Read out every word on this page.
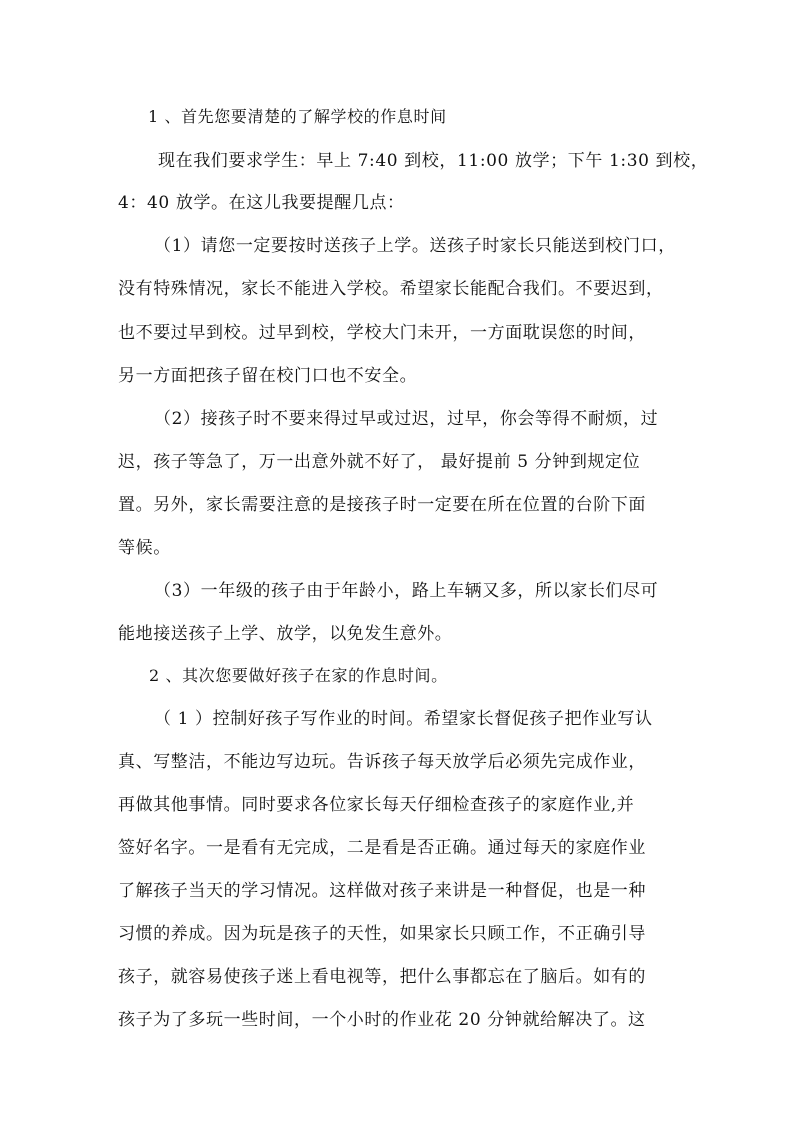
1 、首先您要清楚的了解学校的作息时间

现在我们要求学生：早上 7:40 到校，11:00 放学；下午 1:30 到校，

4：40 放学。在这儿我要提醒几点：

（1）请您一定要按时送孩子上学。送孩子时家长只能送到校门口，

没有特殊情况，家长不能进入学校。希望家长能配合我们。不要迟到，

也不要过早到校。过早到校，学校大门未开，一方面耽误您的时间，

另一方面把孩子留在校门口也不安全。

（2）接孩子时不要来得过早或过迟，过早，你会等得不耐烦，过

迟，孩子等急了，万一出意外就不好了， 最好提前 5 分钟到规定位

置。另外，家长需要注意的是接孩子时一定要在所在位置的台阶下面

等候。

（3）一年级的孩子由于年龄小，路上车辆又多，所以家长们尽可

能地接送孩子上学、放学，以免发生意外。

2 、其次您要做好孩子在家的作息时间。

（ 1 ）控制好孩子写作业的时间。希望家长督促孩子把作业写认

真、写整洁，不能边写边玩。告诉孩子每天放学后必须先完成作业，

再做其他事情。同时要求各位家长每天仔细检查孩子的家庭作业,并

签好名字。一是看有无完成，二是看是否正确。通过每天的家庭作业

了解孩子当天的学习情况。这样做对孩子来讲是一种督促，也是一种

习惯的养成。因为玩是孩子的天性，如果家长只顾工作，不正确引导

孩子，就容易使孩子迷上看电视等，把什么事都忘在了脑后。如有的

孩子为了多玩一些时间，一个小时的作业花 20 分钟就给解决了。这
